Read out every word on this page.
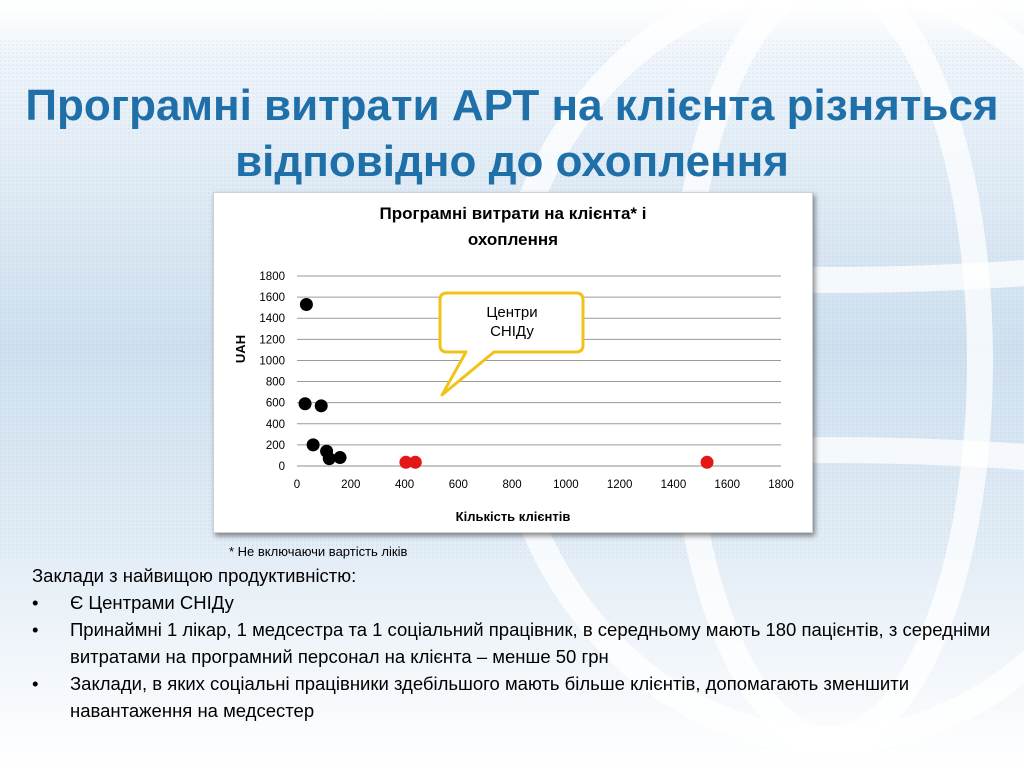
Програмні витрати АРТ на клієнта різняться відповідно до охоплення
Програмні витрати на клієнта* і
охоплення
0
200
400
600
800
1000
1200
1400
1600
1800
0	200	400	600	800	1000 1200 1400 1600 1800
UAH
Кількість клієнтів
Центри
СНІДу
* Не включаючи вартість ліків

Заклади з найвищою продуктивністю:

•	Є Центрами СНІДу
•	Принаймні 1 лікар, 1 медсестра та 1 соціальний працівник, в середньому мають 180 пацієнтів, з середніми витратами на програмний персонал на клієнта – менше 50 грн
•	Заклади, в яких соціальні працівники здебільшого мають більше клієнтів, допомагають зменшити навантаження на медсестер
